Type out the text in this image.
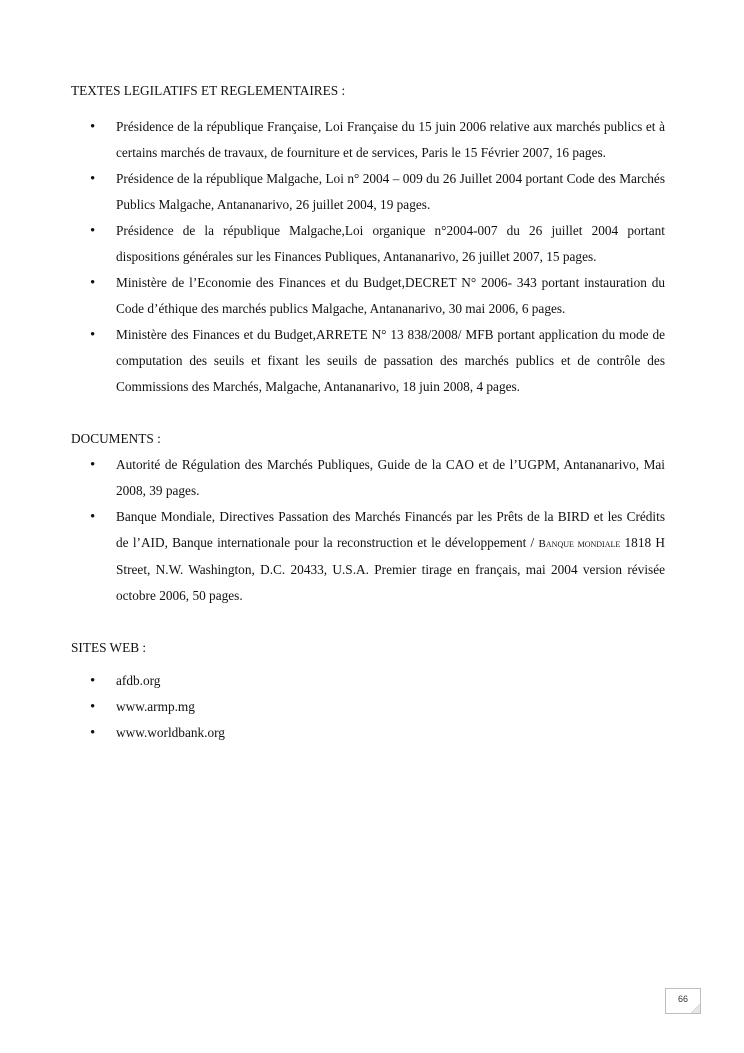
TEXTES LEGILATIFS ET REGLEMENTAIRES :

• Présidence de la république Française, Loi Française du 15 juin 2006 relative aux marchés publics et à certains marchés de travaux, de fourniture et de services, Paris le 15 Février 2007, 16 pages.
• Présidence de la république Malgache, Loi n° 2004 – 009 du 26 Juillet 2004 portant Code des Marchés Publics Malgache, Antananarivo, 26 juillet 2004, 19 pages.
• Présidence de la république Malgache,Loi organique n°2004-007 du 26 juillet 2004 portant dispositions générales sur les Finances Publiques, Antananarivo, 26 juillet 2007, 15 pages.
• Ministère de l’Economie des Finances et du Budget,DECRET N° 2006- 343 portant instauration du Code d’éthique des marchés publics Malgache, Antananarivo, 30 mai 2006, 6 pages.
• Ministère des Finances et du Budget,ARRETE N° 13 838/2008/ MFB portant application du mode de computation des seuils et fixant les seuils de passation des marchés publics et de contrôle des Commissions des Marchés, Malgache, Antananarivo, 18 juin 2008, 4 pages.

DOCUMENTS :

• Autorité de Régulation des Marchés Publiques, Guide de la CAO et de l’UGPM, Antananarivo, Mai 2008, 39 pages.
• Banque Mondiale, Directives Passation des Marchés Financés par les Prêts de la BIRD et les Crédits de l’AID, Banque internationale pour la reconstruction et le développement / Banque mondiale 1818 H Street, N.W. Washington, D.C. 20433, U.S.A. Premier tirage en français, mai 2004 version révisée octobre 2006, 50 pages.

SITES WEB :

• afdb.org
• www.armp.mg
• www.worldbank.org
66
